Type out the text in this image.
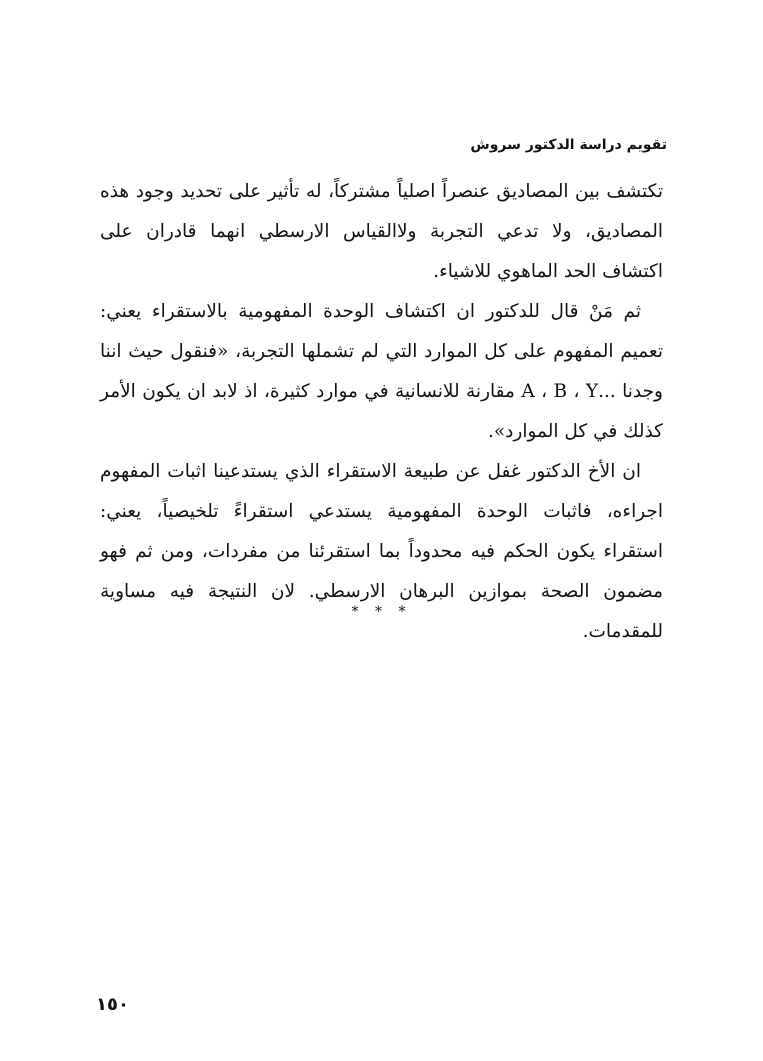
تقويم دراسة الدكتور سروش

تكتشف بين المصاديق عنصراً اصلياً مشتركاً، له تأثير على تحديد وجود هذه المصاديق، ولا تدعي التجربة ولاالقياس الارسطي انهما قادران على اكتشاف الحد الماهوي للاشياء.

ثم مَنْ قال للدكتور ان اكتشاف الوحدة المفهومية بالاستقراء يعني: تعميم المفهوم على كل الموارد التي لم تشملها التجربة، «فنقول حيث اننا وجدنا ...A ، B ، Y مقارنة للانسانية في موارد كثيرة، اذ لابد ان يكون الأمر كذلك في كل الموارد».

ان الأخ الدكتور غفل عن طبيعة الاستقراء الذي يستدعينا اثبات المفهوم اجراءه، فاثبات الوحدة المفهومية يستدعي استقراءً تلخيصياً، يعني: استقراء يكون الحكم فيه محدوداً بما استقرئنا من مفردات، ومن ثم فهو مضمون الصحة بموازين البرهان الارسطي. لان النتيجة فيه مساوية للمقدمات.

* * *
١٥٠
